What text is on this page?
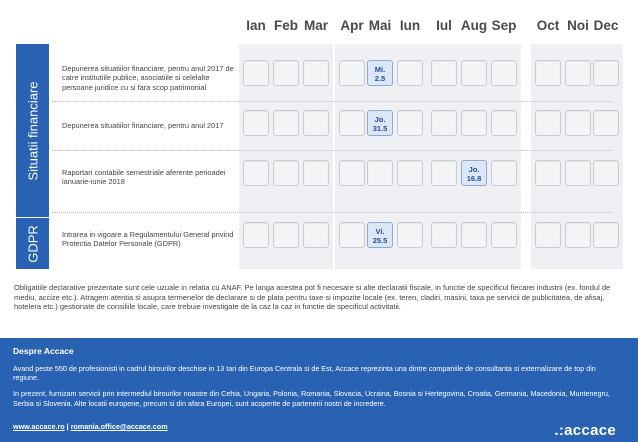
Ian Feb Mar Apr Mai Iun Iul Aug Sep Oct Noi Dec
Mi.
2.5
Jo.
31.5
Jo.
16.8
Vi.
25.5
Situatii financiare
GDPR
Depunerea situatiilor financiare, pentru anul 2017 de catre institutiile publice, asociatiile si celelalte persoane juridice cu si fara scop patrimonial
Depunerea situatiilor financiare, pentru anul 2017
Raportari contabile semestriale aferente perioadei ianuarie-iunie 2018
Intrarea in vigoare a Regulamentului General privind Protectia Datelor Personale (GDPR)
Obligatiile declarative prezentate sunt cele uzuale in relatia cu ANAF. Pe langa acestea pot fi necesare si alte declaratii fiscale, in functie de specificul fiecarei industrii (ex. fondul de mediu, accize etc.). Atragem atentia si asupra termenelor de declarare si de plata pentru taxe si impozite locale (ex. teren, cladiri, masini, taxa pe servicii de publicitatea, de afisaj, hotelera etc.) gestionate de consiliile locale, care trebuie investigate de la caz la caz in functie de specificul activitatii.
Despre Accace
Avand peste 550 de profesionisti in cadrul birourilor deschise in 13 tari din Europa Centrala si de Est, Accace reprezinta una dintre companiile de consultanta si externalizare de top din regiune.
In prezent, furnizam servicii prin intermediul birourilor noastre din Cehia, Ungaria, Polonia, Romania, Slovacia, Ucraina, Bosnia si Hertegovina, Croatia, Germania, Macedonia, Muntenegru, Serbia si Slovenia. Alte locatii europene, precum si din afara Europei, sunt acoperite de partenerii nostri de incredere.
www.accace.ro | romania.office@accace.com	.:accace
